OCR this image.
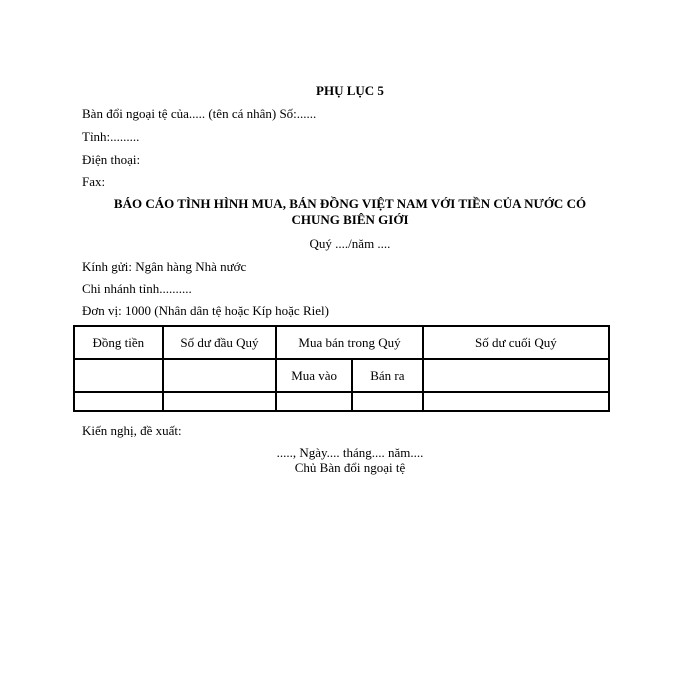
PHỤ LỤC 5
Bàn đổi ngoại tệ của..... (tên cá nhân) Số:......
Tỉnh:.........
Điện thoại:
Fax:
BÁO CÁO TÌNH HÌNH MUA, BÁN ĐỒNG VIỆT NAM VỚI TIỀN CỦA NƯỚC CÓ CHUNG BIÊN GIỚI
Quý ..../năm ....
Kính gửi: Ngân hàng Nhà nước
Chi nhánh tỉnh..........
Đơn vị: 1000 (Nhân dân tệ hoặc Kíp hoặc Riel)
Đồng tiền	Số dư đầu Quý	Mua bán trong Quý		Số dư cuối Quý
		Mua vào	Bán ra	

Kiến nghị, đề xuất:
....., Ngày.... tháng.... năm....
Chủ Bàn đổi ngoại tệ
